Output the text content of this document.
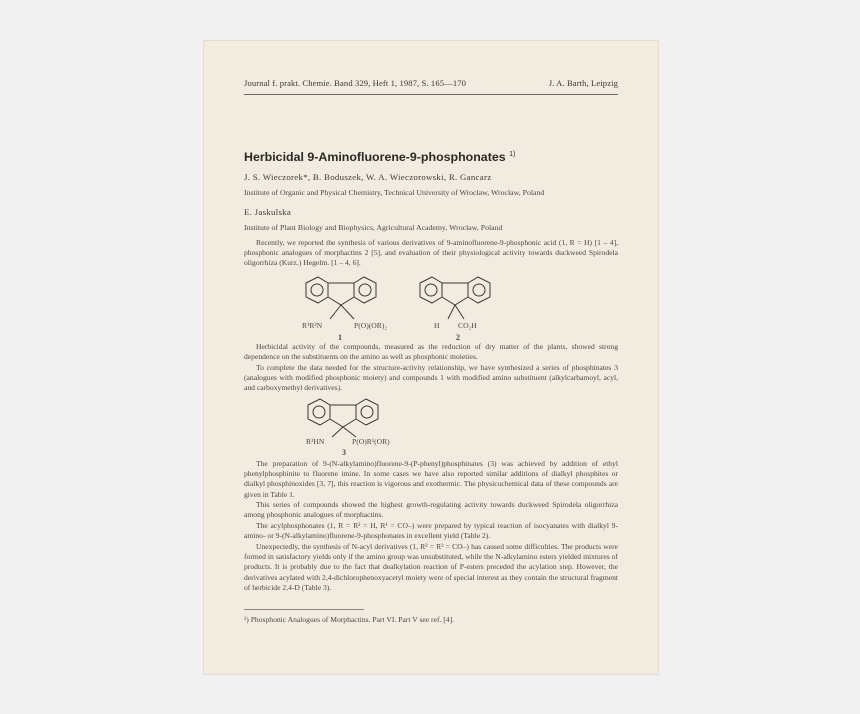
Journal f. prakt. Chemie. Band 329, Heft 1, 1987, S. 165—170	J. A. Barth, Leipzig
Herbicidal 9-Aminofluorene-9-phosphonates $^{1)}$
J. S. Wieczorek*, B. Boduszek, W. A. Wieczorowski, R. Gancarz
Institute of Organic and Physical Chemistry, Technical University of Wrocław, Wrocław, Poland
E. Jaskulska
Institute of Plant Biology and Biophysics, Agricultural Academy, Wrocław, Poland
Recently, we reported the synthesis of various derivatives of 9-aminofluorene-9-phosphonic acid (1, R = H) [1 – 4], phosphonic analogues of morphactins 2 [5], and evaluation of their physiological activity towards duckweed Spirodela oligorrhiza (Kurz.) Hegelm. [1 – 4, 6].
R¹R²N	P(O)(OR)₂
1
H CO₂H
2
Herbicidal activity of the compounds, measured as the reduction of dry matter of the plants, showed strong dependence on the substituents on the amino as well as phosphonic moieties.
To complete the data needed for the structure-activity relationship, we have synthesized a series of phosphinates 3 (analogues with modified phosphonic moiety) and compounds 1 with modified amino substituent (alkylcarbamoyl, acyl, and carboxymethyl derivatives).
R²HN	P(O)R¹(OR)
3
The preparation of 9-(N-alkylamino)fluorene-9-(P-phenyl)phosphinates (3) was achieved by addition of ethyl phenylphosphinite to fluorene imine. In some cases we have also reported similar additions of dialkyl phosphites or dialkyl phosphinoxides [3, 7], this reaction is vigorous and exothermic. The physicochemical data of these compounds are given in Table 1.
This series of compounds showed the highest growth-regulating activity towards duckweed Spirodela oligorrhiza among phosphonic analogues of morphactins.
The acylphosphonates (1, R = R² = H, R¹ = CO–) were prepared by typical reaction of isocyanates with dialkyl 9-amino- or 9-(N-alkylamino)fluorene-9-phosphonates in excellent yield (Table 2).
Unexpectedly, the synthesis of N-acyl derivatives (1, R² = R³ = CO–) has caused some difficulties. The products were formed in satisfactory yields only if the amino group was unsubstituted, while the N-alkylamino esters yielded mixtures of products. It is probably due to the fact that dealkylation reaction of P-esters preceded the acylation step. However, the derivatives acylated with 2,4-dichlorophenoxyacetyl moiety were of special interest as they contain the structural fragment of herbicide 2,4-D (Table 3).
¹) Phosphonic Analogues of Morphactins. Part VI. Part V see ref. [4].
